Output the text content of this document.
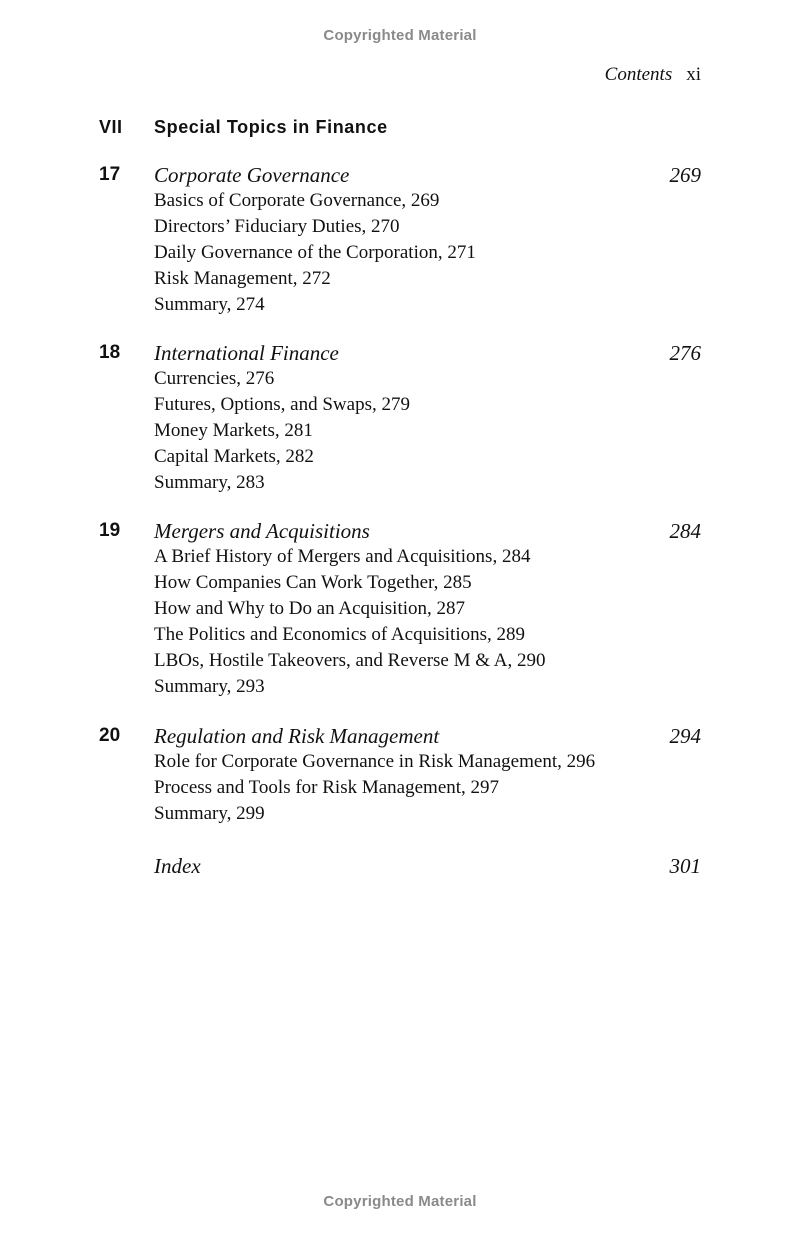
Copyrighted Material
Contents xi
VII Special Topics in Finance
17 Corporate Governance	269
Basics of Corporate Governance, 269
Directors’ Fiduciary Duties, 270
Daily Governance of the Corporation, 271
Risk Management, 272
Summary, 274
18 International Finance	276
Currencies, 276
Futures, Options, and Swaps, 279
Money Markets, 281
Capital Markets, 282
Summary, 283
19 Mergers and Acquisitions	284
A Brief History of Mergers and Acquisitions, 284
How Companies Can Work Together, 285
How and Why to Do an Acquisition, 287
The Politics and Economics of Acquisitions, 289
LBOs, Hostile Takeovers, and Reverse M & A, 290
Summary, 293
20 Regulation and Risk Management	294
Role for Corporate Governance in Risk Management, 296
Process and Tools for Risk Management, 297
Summary, 299
Index	301
Copyrighted Material
